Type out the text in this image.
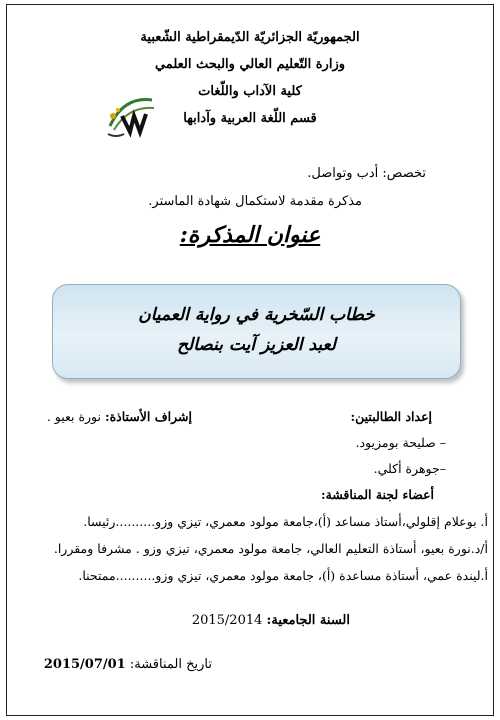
الجمهوريّة الجزائريّة الدّيمقراطية الشّعبية
وزارة التّعليم العالي والبحث العلمي
كلية الآداب واللّغات
قسم اللّغة العربية وآدابها
تخصص: أدب وتواصل.
مذكرة مقدمة لاستكمال شهادة الماستر.
عنوان المذكرة:
خطاب السّخرية في رواية العميان
لعبد العزيز آيت بنصالح
إعداد الطالبتين:
إشراف الأستاذة: نورة بعيو .
– صليحة بومزيود.
–جوهرة أكلي.
أعضاء لجنة المناقشة:
أ. بوعلام إقلولي،أستاذ مساعد (أ)،جامعة مولود معمري، تيزي وزو..........رئيسا.
أ/د.نورة بعيو، أستاذة التعليم العالي، جامعة مولود معمري، تيزي وزو . مشرفا ومقررا.
أ.ليندة عمي، أستاذة مساعدة (أ)، جامعة مولود معمري، تيزي وزو..........ممتحنا.
السنة الجامعية: 2015/2014
تاريخ المناقشة: 2015/07/01
